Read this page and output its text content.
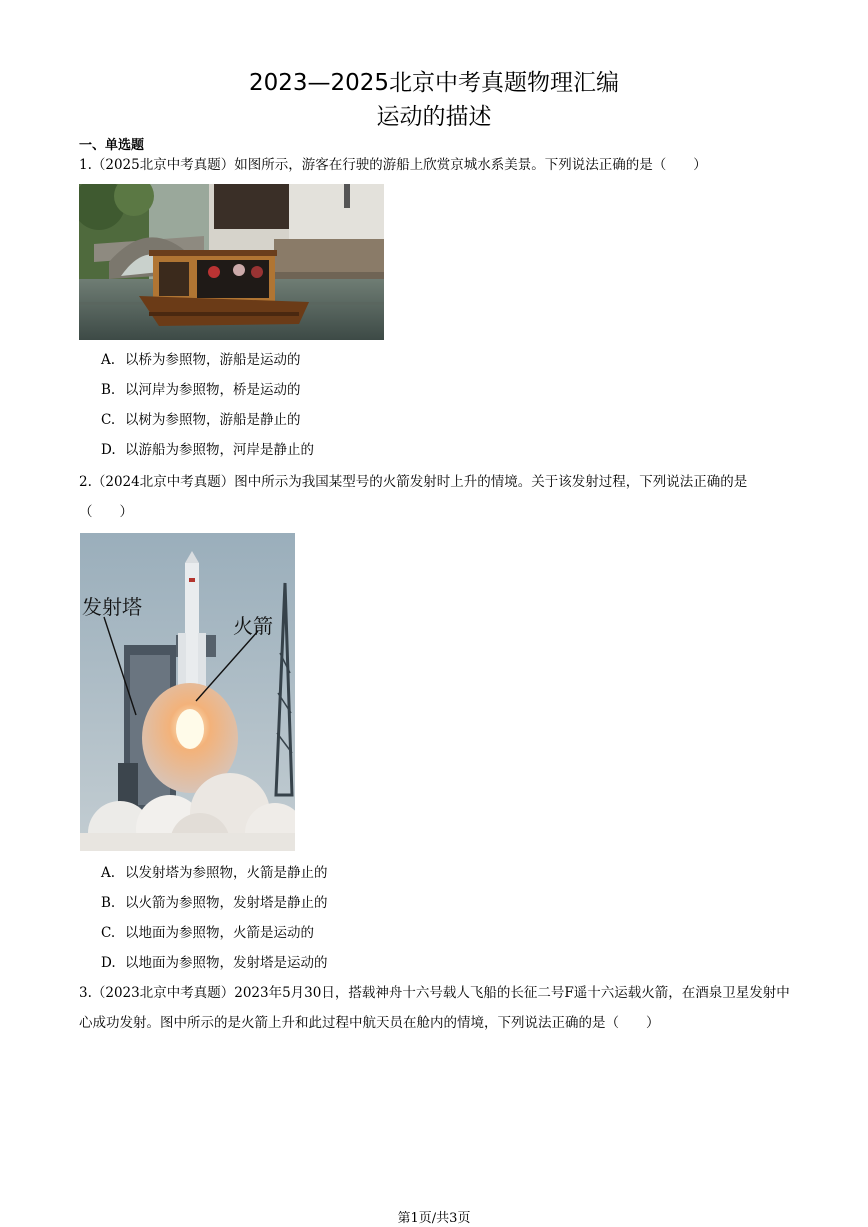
2023—2025北京中考真题物理汇编
运动的描述
一、单选题
1.（2025北京中考真题）如图所示，游客在行驶的游船上欣赏京城水系美景。下列说法正确的是（　　）
A. 以桥为参照物，游船是运动的
B. 以河岸为参照物，桥是运动的
C. 以树为参照物，游船是静止的
D. 以游船为参照物，河岸是静止的
2.（2024北京中考真题）图中所示为我国某型号的火箭发射时上升的情境。关于该发射过程，下列说法正确的是（　　）
发射塔
火箭
A. 以发射塔为参照物，火箭是静止的
B. 以火箭为参照物，发射塔是静止的
C. 以地面为参照物，火箭是运动的
D. 以地面为参照物，发射塔是运动的
3.（2023北京中考真题）2023年5月30日，搭载神舟十六号载人飞船的长征二号F遥十六运载火箭，在酒泉卫星发射中心成功发射。图中所示的是火箭上升和此过程中航天员在舱内的情境，下列说法正确的是（　　）
第1页/共3页
